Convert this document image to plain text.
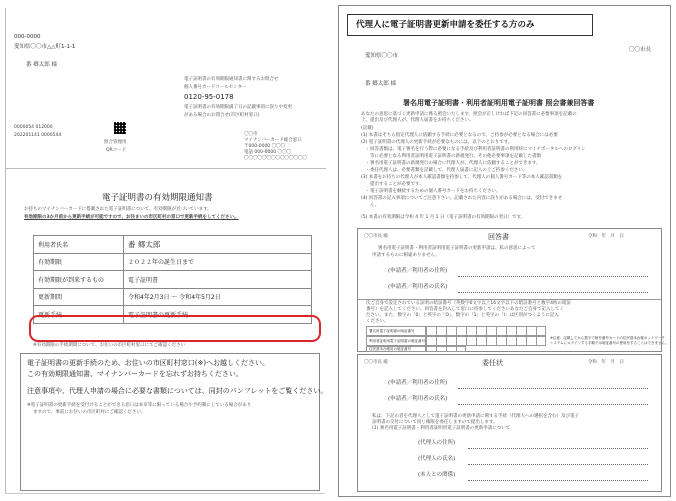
000-0000
愛知県〇〇市△△町1-1-1
番 郷太郎 様
電子証明書の有効期限通知書に関するお問合せ
個人番号カードコールセンター
0120-95-0178
電子証明書の有効期限満了日の記載事項に誤りや変更
がある場合のお問合せ(市区町村窓口)
0000054 012000
202201141 0000544
照合管理用
QRコード
〇〇市
マイナンバーカード総合窓口
〒000-0000 〇〇〇
電話 000-0000 〇〇〇
〇〇〇〇〇〇〇〇〇〇〇〇〇〇
電子証明書の有効期限通知書
お持ちのマイナンバーカードに搭載された電子証明書について、有効期限が近づいています。
有効期限の3か月前から更新手続が可能ですので、お住まいの市区町村の窓口で更新手続をしてください。
利用者氏名	番 郷太郎
有効期限	２０２２年の誕生日まで
有効期限が到来するもの	電子証明書
更新期間	令和4年2月3日 ～ 令和4年5月2日
更新手続	電子証明書の更新手続
※有効期限の手続期間について、お住いの市区町村窓口にてご確認ください
電子証明書の更新手続のため、お住いの市区町村窓口(※)へお越しください。
この有効期限通知書、マイナンバーカードを忘れずお持ちください。
注意事項や、代理人申請の場合に必要な書類については、同封のパンフレットをご覧ください。
※電子証明書の更新手続を受付けることができる窓口は本市等に限っている場合や予約制にしている場合があり
ますので、事前にお住いの市区町村にご確認ください。
代理人に電子証明書更新申請を委任する方のみ
〇〇市長
愛知県〇〇市
番 郷太郎 様
署名用電子証明書・利用者証明用電子証明書 照会書兼回答書
あなたの意思に基づく更新申請に係る照会いたします。照会が正しければ下記の回答書に必要事項を記載の
上、提出及び代理人が、代理人届書をお持ちください。
(記載)
(1) 本書はそちら指定代理人に依頼する手続に必要となるので、ご持参が必要となる場合には必要
(2) 電子証明書の代理人の更新手続が必要なものには、以下のとおりです。
　・回答書類は、電子署名を行う際に必要になる手続及び利用者証明書の利用時にマイナポータルへのログイン
　　等に必要となる利用者証明用電子証明書の新規発行、その他必要事項を記載した書類
　・署名用電子証明書の新規発行の場合に代理人が、代理人に依頼することができます。
　・委任代理人は、必要書類を記載して、代理人届書に記入の上ご持参ください。
(3) 本書をお持ちの代理人が本人確認書類を持参して、代理人の個人番号カード等の本人確認書類を
　　提出することが必要です。
　・電子証明書を継続するための個人番号カードをお持ちください。
(4) 回答書の記入事項についてご注意下さい。記載された内容に誤りがある場合には、受付できませ
　　ん。
(5) 本書の有効期限は令和 4 年 1 月 1 日（電子証明書の有効期限の翌日）です。
〇〇市長 殿	回答書	令和　年　月　日
署名用電子証明書・利用者証明用電子証明書の更新申請は、私の意思によって
申請するものに相違ありません。
(申請者／利用者の住所)
(申請者／利用者の氏名)
次ご自身で設定されている証明の暗証番号（英数字6文字以上16文字以下の暗証番号と数字4桁の暗証
番号）を記入してください。回答書を封入して窓口に持参してくださいあなたご自身で記入してく
ださい。また、数字の「0」と英字の「O」、数字の「1」と英字の「I」は区別がつくように記入
ください。
署名用電子証明書の暗証番号
利用者証明用電子証明書の暗証番号
住民基本台帳用の暗証番号
※注意：記載してから数字で暗号番号カードの住民基本台帳ネットワーク
システムにログインする手順では暗証番号の使用をすることはできません。
〇〇市長 殿	委任状	令和　年　月　日
(申請者／利用者の住所)
(申請者／利用者の氏名)
私は、下記の者を代理人として電子証明書の更新申請に関する手続（代理人への選択を含む）及び電子
証明書の交付について同じ権限を委任しますので提出します。
(1) 署名用電子証明書・利用者証明用電子証明書の更新申請について
(代理人の住所)
(代理人の氏名)
(本人との関係)
